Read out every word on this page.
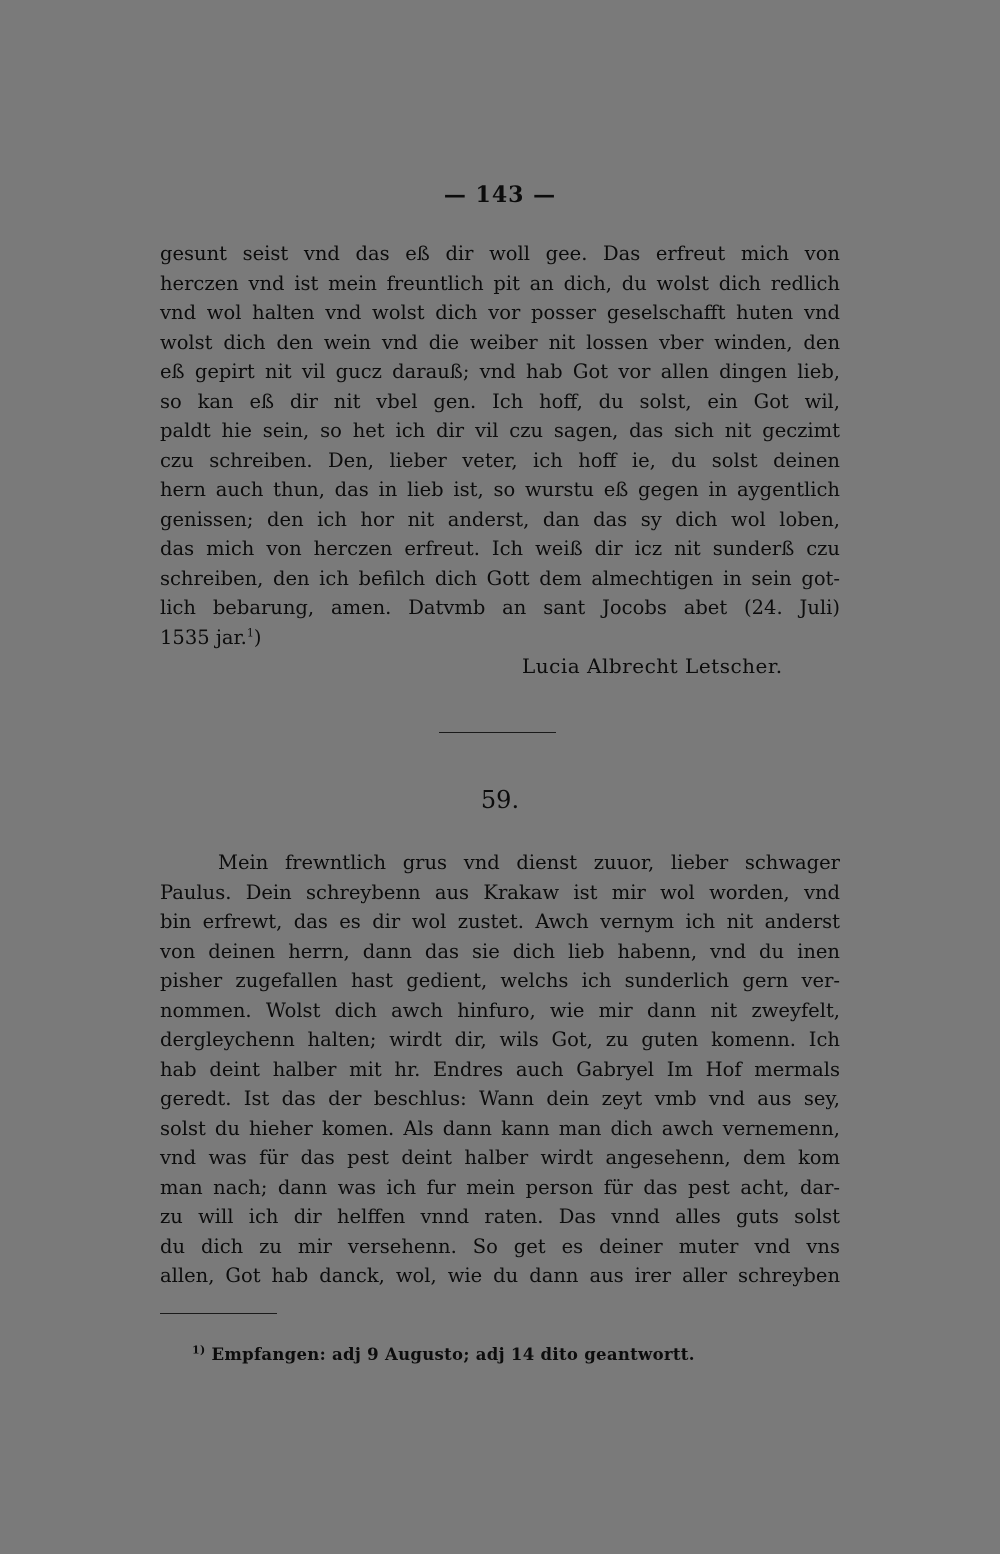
— 143 —
gesunt seist vnd das eß dir woll gee. Das erfreut mich von
herczen vnd ist mein freuntlich pit an dich, du wolst dich redlich
vnd wol halten vnd wolst dich vor posser geselschafft huten vnd
wolst dich den wein vnd die weiber nit lossen vber winden, den
eß gepirt nit vil gucz darauß; vnd hab Got vor allen dingen lieb,
so kan eß dir nit vbel gen. Ich hoff, du solst, ein Got wil,
paldt hie sein, so het ich dir vil czu sagen, das sich nit geczimt
czu schreiben. Den, lieber veter, ich hoff ie, du solst deinen
hern auch thun, das in lieb ist, so wurstu eß gegen in aygentlich
genissen; den ich hor nit anderst, dan das sy dich wol loben,
das mich von herczen erfreut. Ich weiß dir icz nit sunderß czu
schreiben, den ich befilch dich Gott dem almechtigen in sein got-
lich bebarung, amen. Datvmb an sant Jocobs abet (24. Juli)
1535 jar.$^1$)
Lucia Albrecht Letscher.
59.
Mein frewntlich grus vnd dienst zuuor, lieber schwager
Paulus. Dein schreybenn aus Krakaw ist mir wol worden, vnd
bin erfrewt, das es dir wol zustet. Awch vernym ich nit anderst
von deinen herrn, dann das sie dich lieb habenn, vnd du inen
pisher zugefallen hast gedient, welchs ich sunderlich gern ver-
nommen. Wolst dich awch hinfuro, wie mir dann nit zweyfelt,
dergleychenn halten; wirdt dir, wils Got, zu guten komenn. Ich
hab deint halber mit hr. Endres auch Gabryel Im Hof mermals
geredt. Ist das der beschlus: Wann dein zeyt vmb vnd aus sey,
solst du hieher komen. Als dann kann man dich awch vernemenn,
vnd was für das pest deint halber wirdt angesehenn, dem kom
man nach; dann was ich fur mein person für das pest acht, dar-
zu will ich dir helffen vnnd raten. Das vnnd alles guts solst
du dich zu mir versehenn. So get es deiner muter vnd vns
allen, Got hab danck, wol, wie du dann aus irer aller schreyben
$^{1)}$ Empfangen: adj 9 Augusto; adj 14 dito geantwortt.
